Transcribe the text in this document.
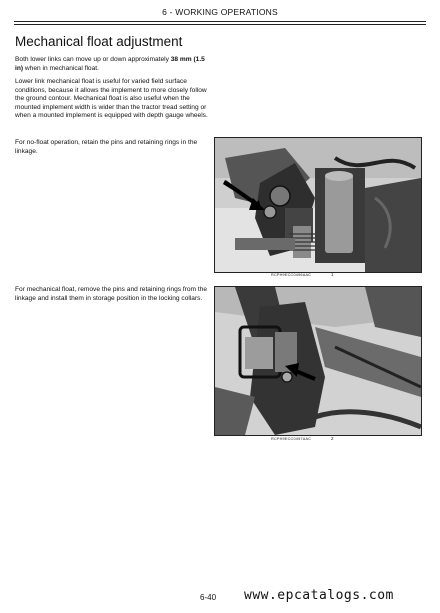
6 - WORKING OPERATIONS
Mechanical float adjustment
Both lower links can move up or down approximately 38 mm (1.5 in) when in mechanical float.
Lower link mechanical float is useful for varied field surface conditions, because it allows the implement to more closely follow the ground contour. Mechanical float is also useful when the mounted implement width is wider than the tractor tread setting or when a mounted implement is equipped with depth gauge wheels.
For no-float operation, retain the pins and retaining rings in the linkage.
For mechanical float, remove the pins and retaining rings from the linkage and install them in storage position in the locking collars.
RCPH9ECC0496AAC	1
RCPH9ECC0497AAC	2
6-40 www.epcatalogs.com
